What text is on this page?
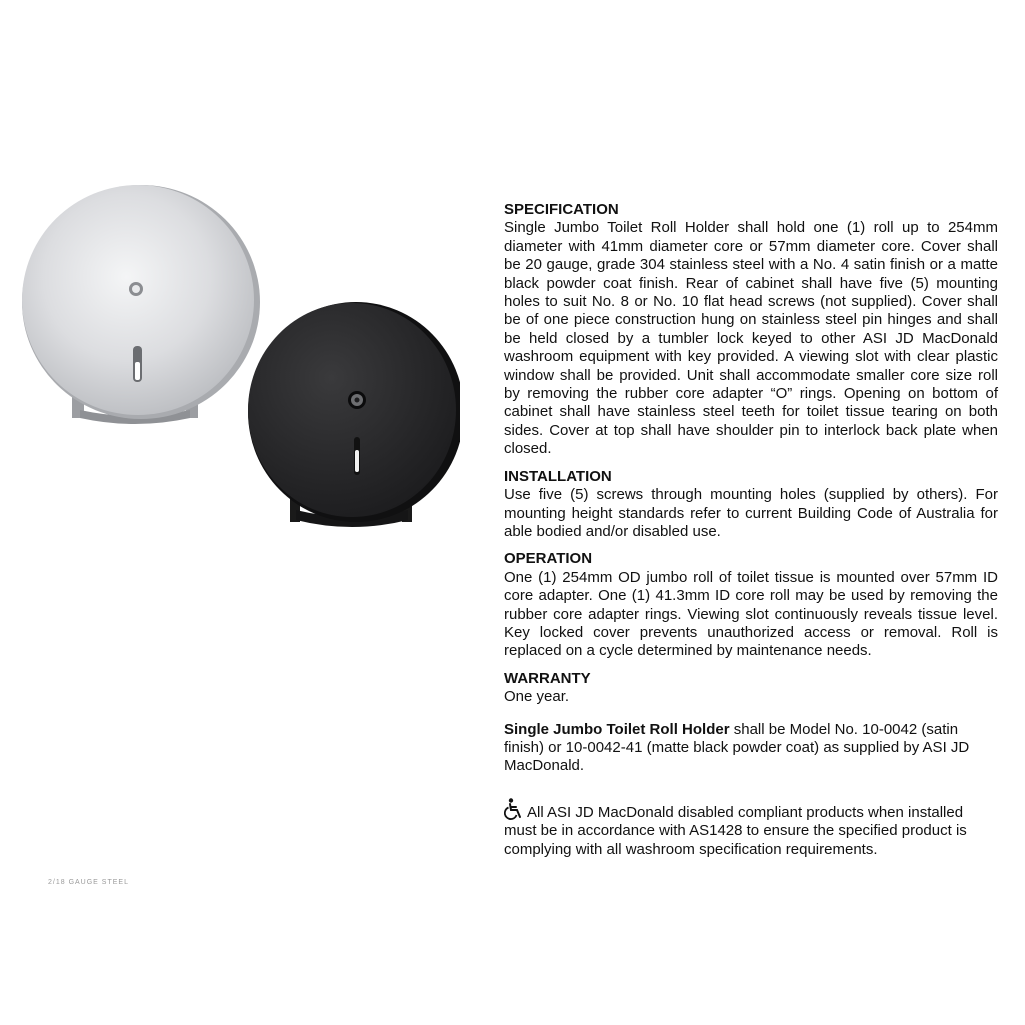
SPECIFICATION

Single Jumbo Toilet Roll Holder shall hold one (1) roll up to 254mm diameter with 41mm diameter core or 57mm diameter core. Cover shall be 20 gauge, grade 304 stainless steel with a No. 4 satin finish or a matte black powder coat finish. Rear of cabinet shall have five (5) mounting holes to suit No. 8 or No. 10 flat head screws (not supplied). Cover shall be of one piece construction hung on stainless steel pin hinges and shall be held closed by a tumbler lock keyed to other ASI JD MacDonald washroom equipment with key provided. A viewing slot with clear plastic window shall be provided. Unit shall accommodate smaller core size roll by removing the rubber core adapter “O” rings. Opening on bottom of cabinet shall have stainless steel teeth for toilet tissue tearing on both sides. Cover at top shall have shoulder pin to interlock back plate when closed.

INSTALLATION

Use five (5) screws through mounting holes (supplied by others). For mounting height standards refer to current Building Code of Australia for able bodied and/or disabled use.

OPERATION

One (1) 254mm OD jumbo roll of toilet tissue is mounted over 57mm ID core adapter. One (1) 41.3mm ID core roll may be used by removing the rubber core adapter rings. Viewing slot continuously reveals tissue level. Key locked cover prevents unauthorized access or removal. Roll is replaced on a cycle determined by maintenance needs.

WARRANTY

One year.

Single Jumbo Toilet Roll Holder shall be Model No. 10-0042 (satin finish) or 10-0042-41 (matte black powder coat) as supplied by ASI JD MacDonald.

All ASI JD MacDonald disabled compliant products when installed must be in accordance with AS1428 to ensure the specified product is complying with all washroom specification requirements.

2/18 GAUGE STEEL
